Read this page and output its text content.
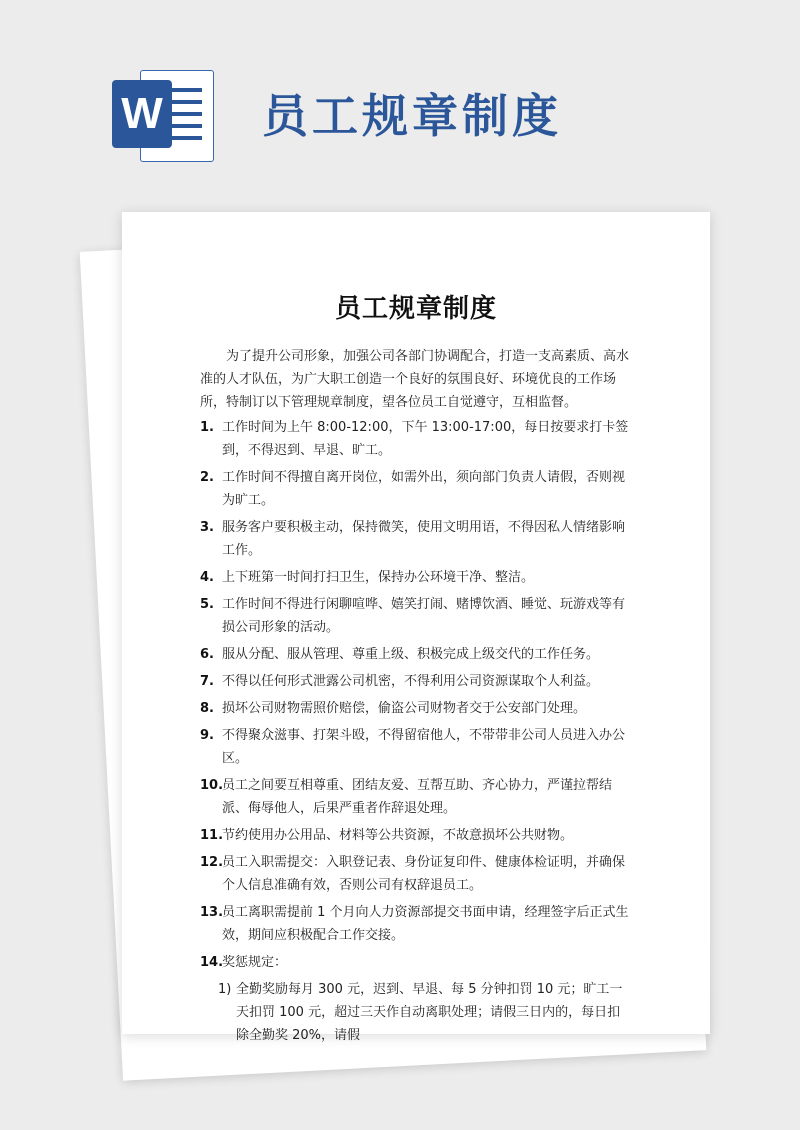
W 员工规章制度
员工规章制度

为了提升公司形象，加强公司各部门协调配合，打造一支高素质、高水准的人才队伍，为广大职工创造一个良好的氛围良好、环境优良的工作场所，特制订以下管理规章制度，望各位员工自觉遵守，互相监督。

1. 工作时间为上午 8:00-12:00，下午 13:00-17:00，每日按要求打卡签到，不得迟到、早退、旷工。
2. 工作时间不得擅自离开岗位，如需外出，须向部门负责人请假，否则视为旷工。
3. 服务客户要积极主动，保持微笑，使用文明用语，不得因私人情绪影响工作。
4. 上下班第一时间打扫卫生，保持办公环境干净、整洁。
5. 工作时间不得进行闲聊喧哗、嬉笑打闹、赌博饮酒、睡觉、玩游戏等有损公司形象的活动。
6. 服从分配、服从管理、尊重上级、积极完成上级交代的工作任务。
7. 不得以任何形式泄露公司机密，不得利用公司资源谋取个人利益。
8. 损坏公司财物需照价赔偿，偷盗公司财物者交于公安部门处理。
9. 不得聚众滋事、打架斗殴，不得留宿他人，不带带非公司人员进入办公区。
10.
员工之间要互相尊重、团结友爱、互帮互助、齐心协力，严谨拉帮结派、侮辱他人，后果严重者作辞退处理。
11.
节约使用办公用品、材料等公共资源，不故意损坏公共财物。
12.
员工入职需提交：入职登记表、身份证复印件、健康体检证明，并确保个人信息准确有效，否则公司有权辞退员工。
13.
员工离职需提前 1 个月向人力资源部提交书面申请，经理签字后正式生效，期间应积极配合工作交接。
14.
奖惩规定：
1) 全勤奖励每月 300 元，迟到、早退、每 5 分钟扣罚 10 元；旷工一天扣罚 100 元，超过三天作自动离职处理；请假三日内的，每日扣除全勤奖 20%，请假
